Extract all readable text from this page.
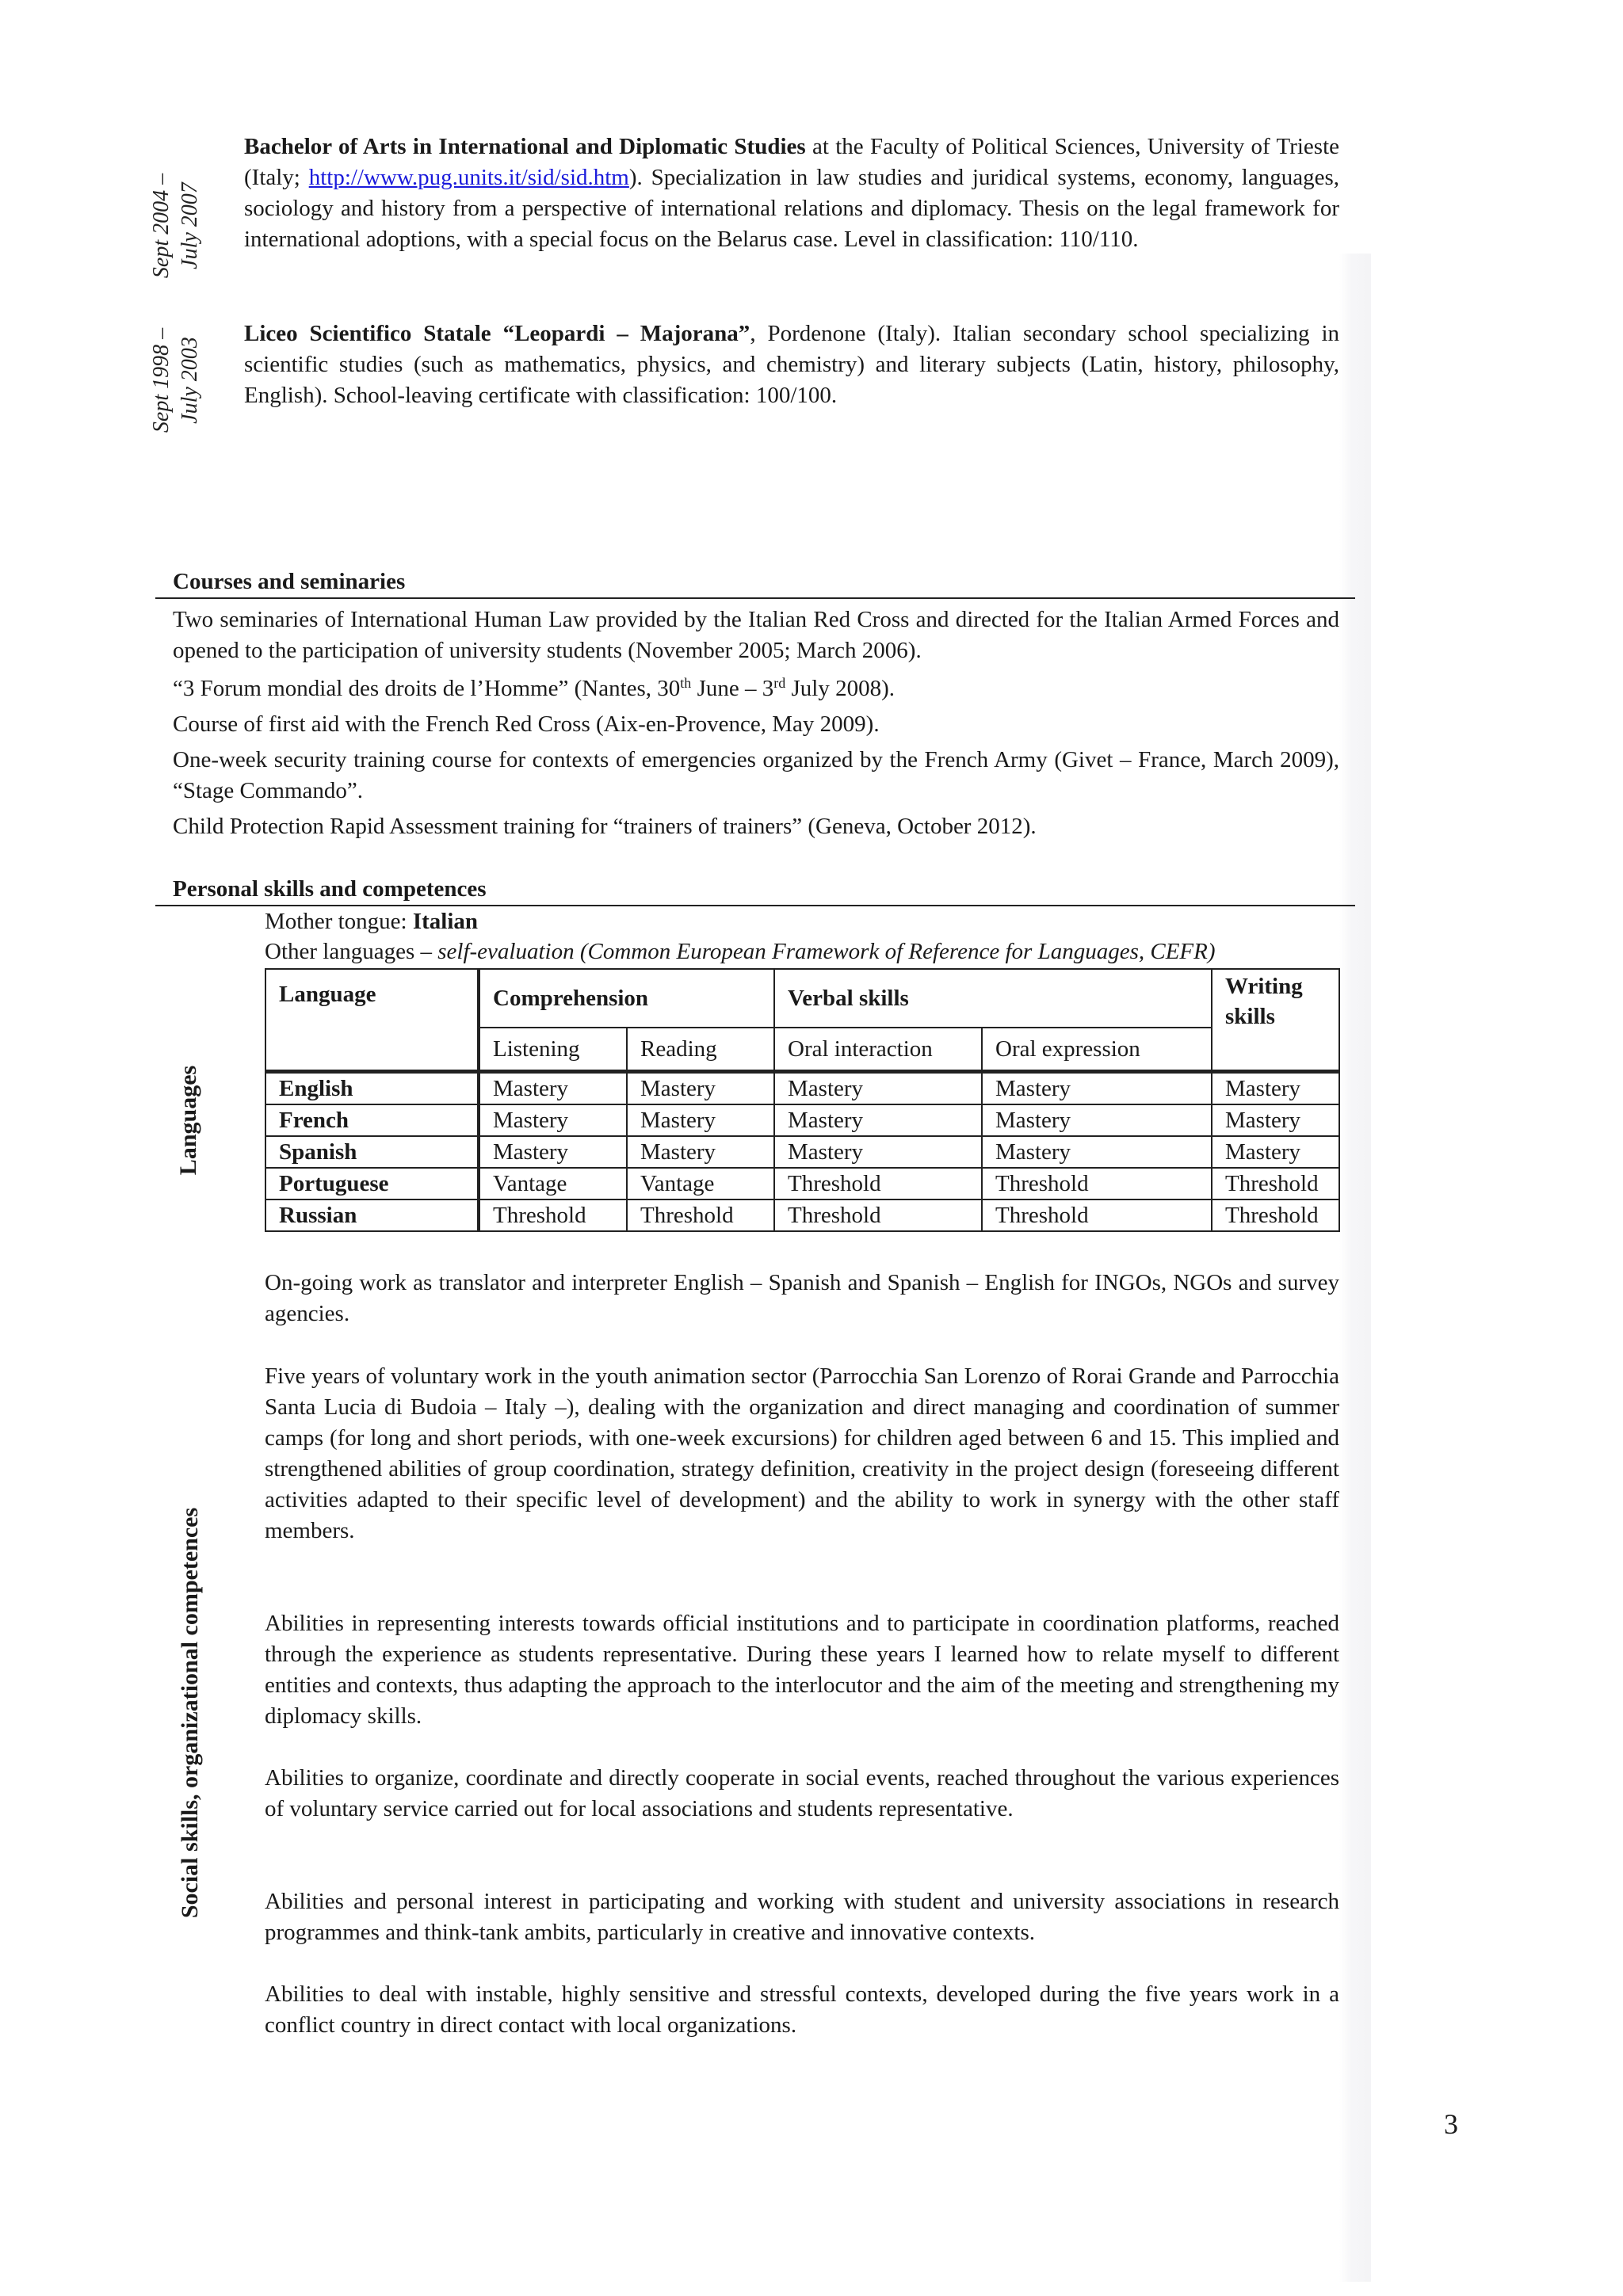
Sept 2004 – July 2007
Bachelor of Arts in International and Diplomatic Studies at the Faculty of Political Sciences, University of Trieste (Italy; http://www.pug.units.it/sid/sid.htm). Specialization in law studies and juridical systems, economy, languages, sociology and history from a perspective of international relations and diplomacy. Thesis on the legal framework for international adoptions, with a special focus on the Belarus case. Level in classification: 110/110.
Sept 1998 – July 2003
Liceo Scientifico Statale “Leopardi – Majorana”, Pordenone (Italy). Italian secondary school specializing in scientific studies (such as mathematics, physics, and chemistry) and literary subjects (Latin, history, philosophy, English). School-leaving certificate with classification: 100/100.
Courses and seminaries
Two seminaries of International Human Law provided by the Italian Red Cross and directed for the Italian Armed Forces and opened to the participation of university students (November 2005; March 2006).
“3 Forum mondial des droits de l’Homme” (Nantes, 30th June – 3rd July 2008).
Course of first aid with the French Red Cross (Aix-en-Provence, May 2009).
One-week security training course for contexts of emergencies organized by the French Army (Givet – France, March 2009), “Stage Commando”.
Child Protection Rapid Assessment training for “trainers of trainers” (Geneva, October 2012).
Personal skills and competences
Mother tongue: Italian
Other languages – self-evaluation (Common European Framework of Reference for Languages, CEFR)
Languages
Language	Comprehension		Verbal skills		Writing skills
	Listening	Reading	Oral interaction	Oral expression	
English	Mastery	Mastery	Mastery	Mastery	Mastery
French	Mastery	Mastery	Mastery	Mastery	Mastery
Spanish	Mastery	Mastery	Mastery	Mastery	Mastery
Portuguese	Vantage	Vantage	Threshold	Threshold	Threshold
Russian	Threshold	Threshold	Threshold	Threshold	Threshold
On-going work as translator and interpreter English – Spanish and Spanish – English for INGOs, NGOs and survey agencies.
Social skills, organizational competences
Five years of voluntary work in the youth animation sector (Parrocchia San Lorenzo of Rorai Grande and Parrocchia Santa Lucia di Budoia – Italy –), dealing with the organization and direct managing and coordination of summer camps (for long and short periods, with one-week excursions) for children aged between 6 and 15. This implied and strengthened abilities of group coordination, strategy definition, creativity in the project design (foreseeing different activities adapted to their specific level of development) and the ability to work in synergy with the other staff members.
Abilities in representing interests towards official institutions and to participate in coordination platforms, reached through the experience as students representative. During these years I learned how to relate myself to different entities and contexts, thus adapting the approach to the interlocutor and the aim of the meeting and strengthening my diplomacy skills.
Abilities to organize, coordinate and directly cooperate in social events, reached throughout the various experiences of voluntary service carried out for local associations and students representative.
Abilities and personal interest in participating and working with student and university associations in research programmes and think-tank ambits, particularly in creative and innovative contexts.
Abilities to deal with instable, highly sensitive and stressful contexts, developed during the five years work in a conflict country in direct contact with local organizations.
3
